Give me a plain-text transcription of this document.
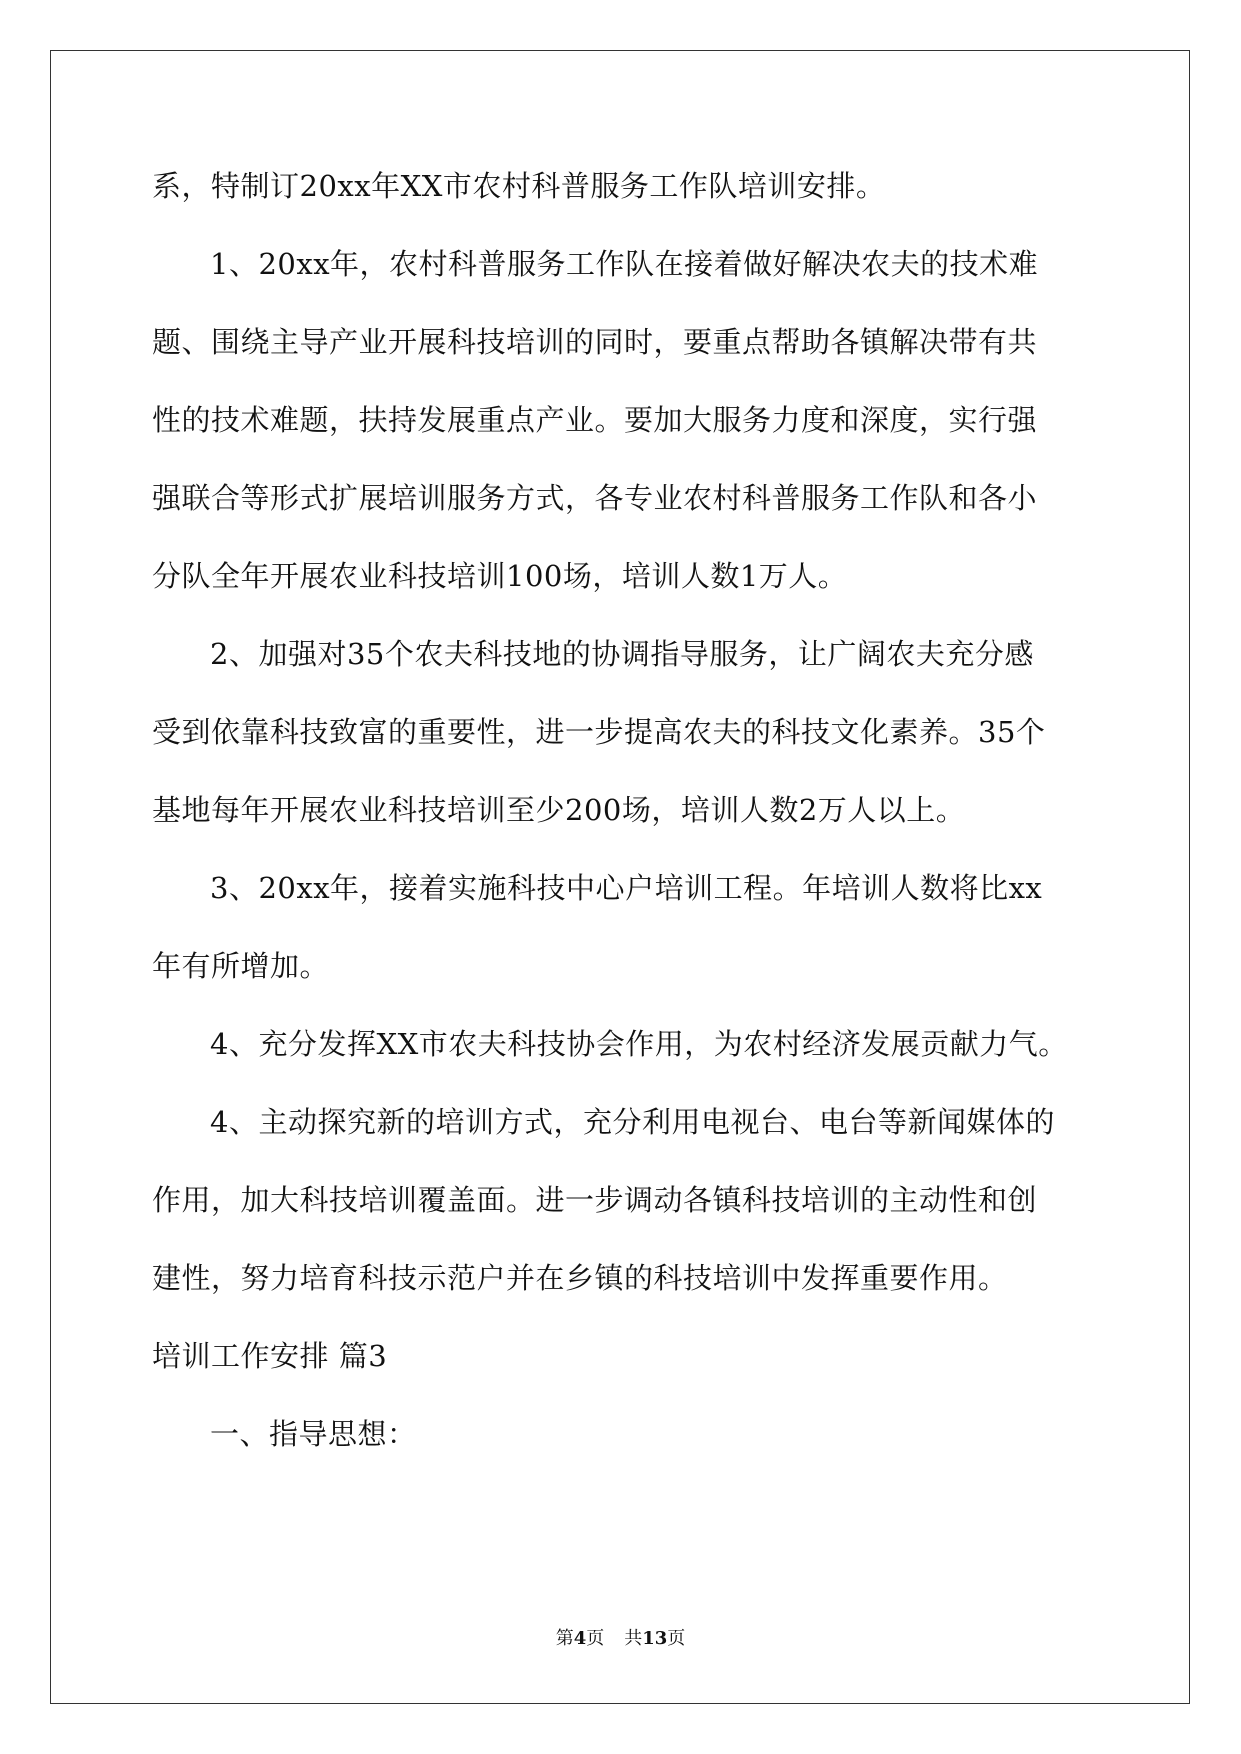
系，特制订20xx年XX市农村科普服务工作队培训安排。
1、20xx年，农村科普服务工作队在接着做好解决农夫的技术难
题、围绕主导产业开展科技培训的同时，要重点帮助各镇解决带有共
性的技术难题，扶持发展重点产业。要加大服务力度和深度，实行强
强联合等形式扩展培训服务方式，各专业农村科普服务工作队和各小
分队全年开展农业科技培训100场，培训人数1万人。
2、加强对35个农夫科技地的协调指导服务，让广阔农夫充分感
受到依靠科技致富的重要性，进一步提高农夫的科技文化素养。35个
基地每年开展农业科技培训至少200场，培训人数2万人以上。
3、20xx年，接着实施科技中心户培训工程。年培训人数将比xx
年有所增加。
4、充分发挥XX市农夫科技协会作用，为农村经济发展贡献力气。
4、主动探究新的培训方式，充分利用电视台、电台等新闻媒体的
作用，加大科技培训覆盖面。进一步调动各镇科技培训的主动性和创
建性，努力培育科技示范户并在乡镇的科技培训中发挥重要作用。
培训工作安排 篇3
一、指导思想：
第4页 共13页
